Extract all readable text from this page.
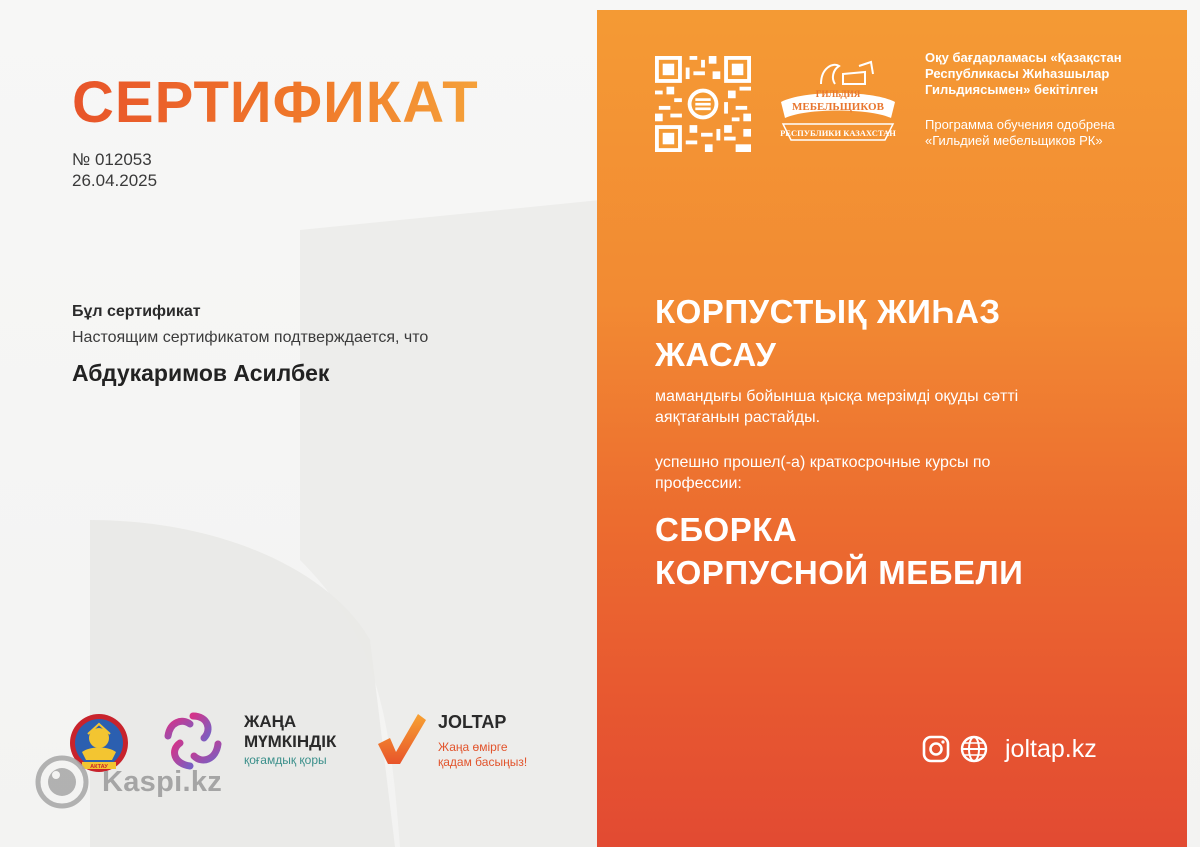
СЕРТИФИКАТ
№ 012053
26.04.2025
Бұл сертификат
Настоящим сертификатом подтверждается, что
Абдукаримов Асилбек
ГИЛЬДИЯ
МЕБЕЛЬЩИКОВ
РЕСПУБЛИКИ КАЗАХСТАН
Оқу бағдарламасы «Қазақстан Республикасы Жиһазшылар Гильдиясымен» бекітілген
Программа обучения одобрена «Гильдией мебельщиков РК»
КОРПУСТЫҚ ЖИҺАЗ
ЖАСАУ
мамандығы бойынша қысқа мерзімді оқуды сәтті аяқтағанын растайды.
успешно прошел(-а) краткосрочные курсы по профессии:
СБОРКА
КОРПУСНОЙ МЕБЕЛИ
joltap.kz
АКТАУ
ЖАҢА
МҮМКІНДІК
қоғамдық қоры
JOLTAP
Жаңа өмірге
қадам басыңыз!
Kaspi.kz
